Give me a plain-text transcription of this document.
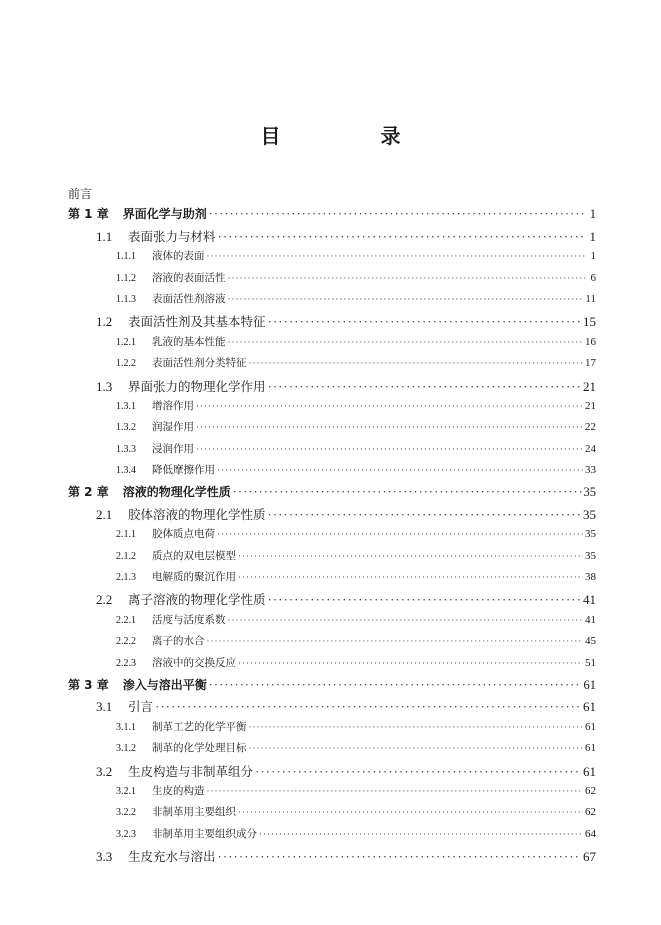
目　录
前言
第 1 章 界面化学与助剂 ·····	1
1.1	表面张力与材料 ·····	1
1.1.1	液体的表面 ·····	1
1.1.2	溶液的表面活性 ·····	6
1.1.3	表面活性剂溶液 ·····	11
1.2	表面活性剂及其基本特征 ·····	15
1.2.1	乳液的基本性能 ·····	16
1.2.2	表面活性剂分类特征 ·····	17
1.3	界面张力的物理化学作用 ·····	21
1.3.1	增溶作用 ·····	21
1.3.2	润湿作用 ·····	22
1.3.3	浸润作用 ·····	24
1.3.4	降低摩擦作用 ·····	33
第 2 章 溶液的物理化学性质 ·····	35
2.1	胶体溶液的物理化学性质 ·····	35
2.1.1	胶体质点电荷 ·····	35
2.1.2	质点的双电层模型 ·····	35
2.1.3	电解质的聚沉作用 ·····	38
2.2	离子溶液的物理化学性质 ·····	41
2.2.1	活度与活度系数 ·····	41
2.2.2	离子的水合 ·····	45
2.2.3	溶液中的交换反应 ·····	51
第 3 章 渗入与溶出平衡 ·····	61
3.1	引言 ·····	61
3.1.1	制革工艺的化学平衡 ·····	61
3.1.2	制革的化学处理目标 ·····	61
3.2	生皮构造与非制革组分 ·····	61
3.2.1	生皮的构造 ·····	62
3.2.2	非制革用主要组织 ·····	62
3.2.3	非制革用主要组织成分 ·····	64
3.3	生皮充水与溶出 ·····	67
